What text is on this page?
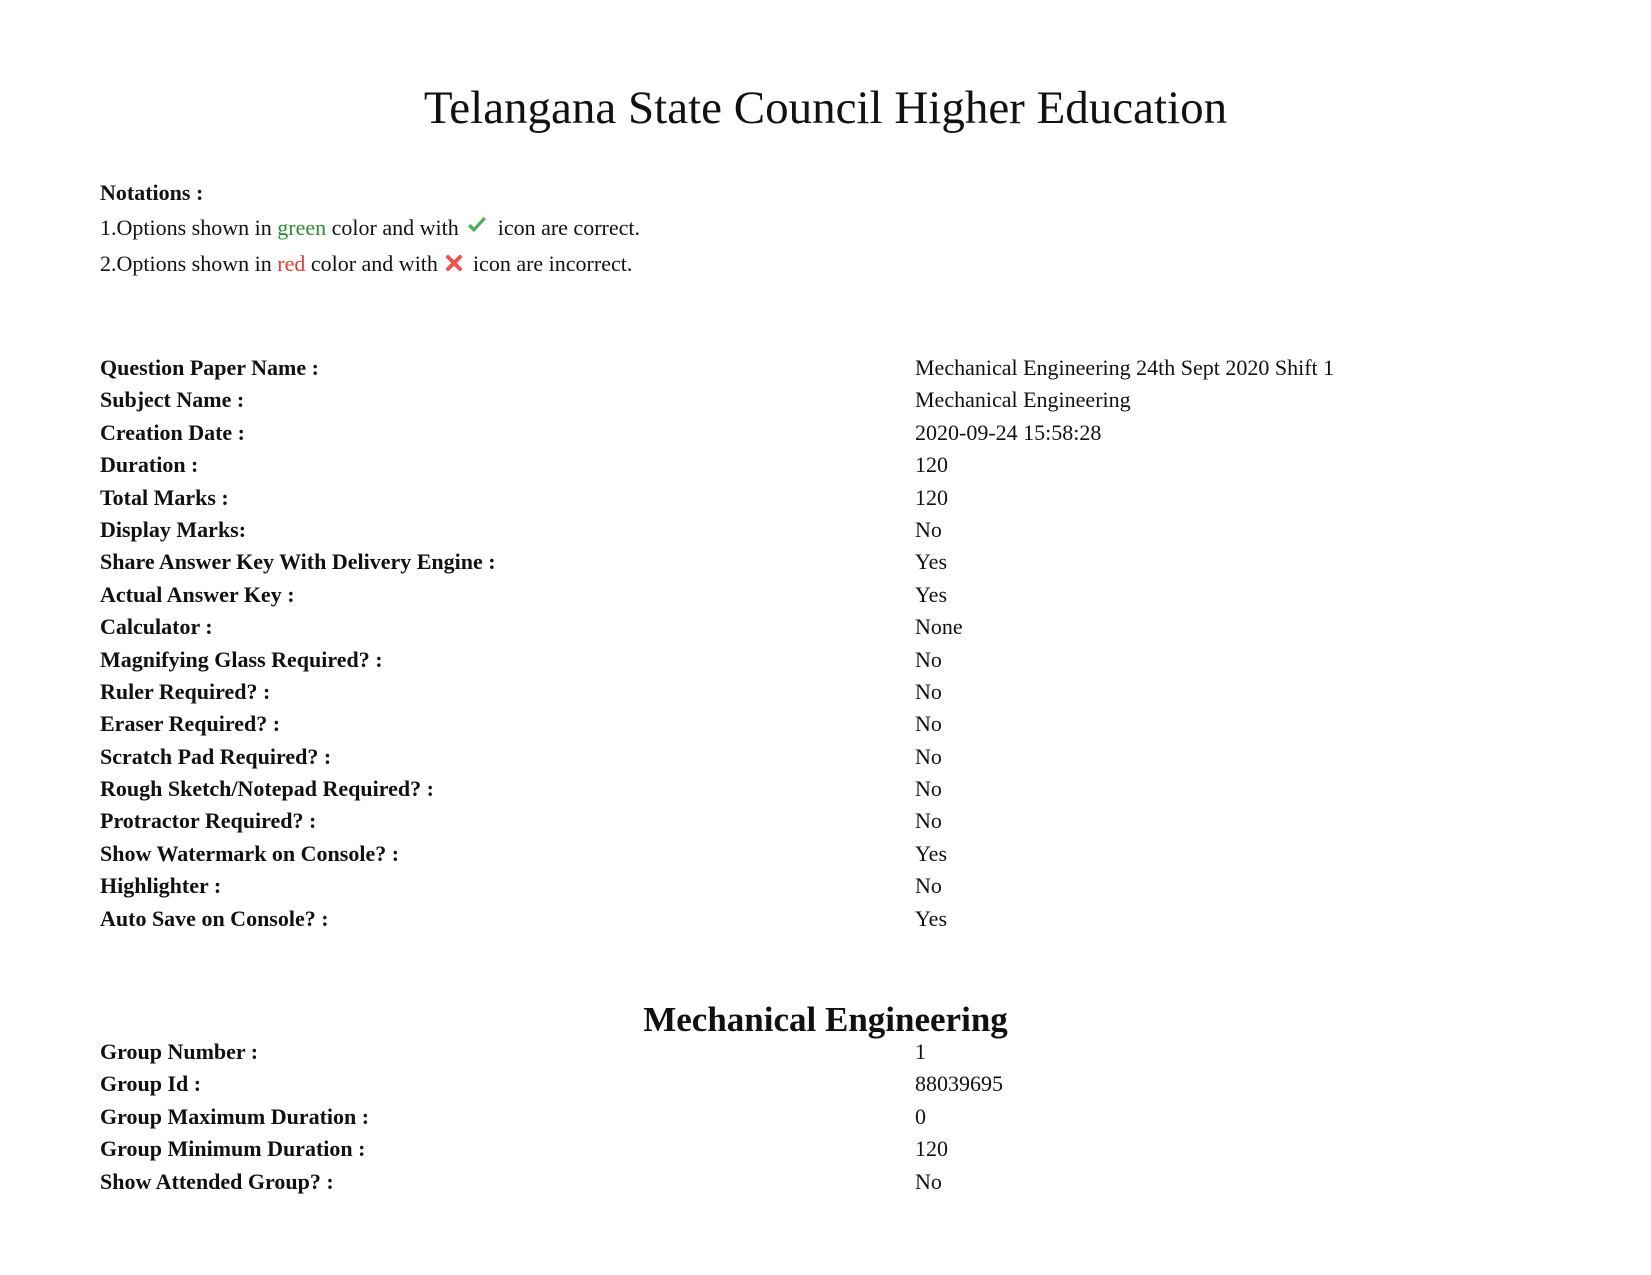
Telangana State Council Higher Education
Notations :
1.Options shown in green color and with  icon are correct.
2.Options shown in red color and with  icon are incorrect.
Question Paper Name :	Mechanical Engineering 24th Sept 2020 Shift 1
Subject Name :	Mechanical Engineering
Creation Date :	2020-09-24 15:58:28
Duration :	120
Total Marks :	120
Display Marks:	No
Share Answer Key With Delivery Engine :	Yes
Actual Answer Key :	Yes
Calculator :	None
Magnifying Glass Required? :	No
Ruler Required? :	No
Eraser Required? :	No
Scratch Pad Required? :	No
Rough Sketch/Notepad Required? :	No
Protractor Required? :	No
Show Watermark on Console? :	Yes
Highlighter :	No
Auto Save on Console? :	Yes
Mechanical Engineering
Group Number :	1
Group Id :	88039695
Group Maximum Duration :	0
Group Minimum Duration :	120
Show Attended Group? :	No
